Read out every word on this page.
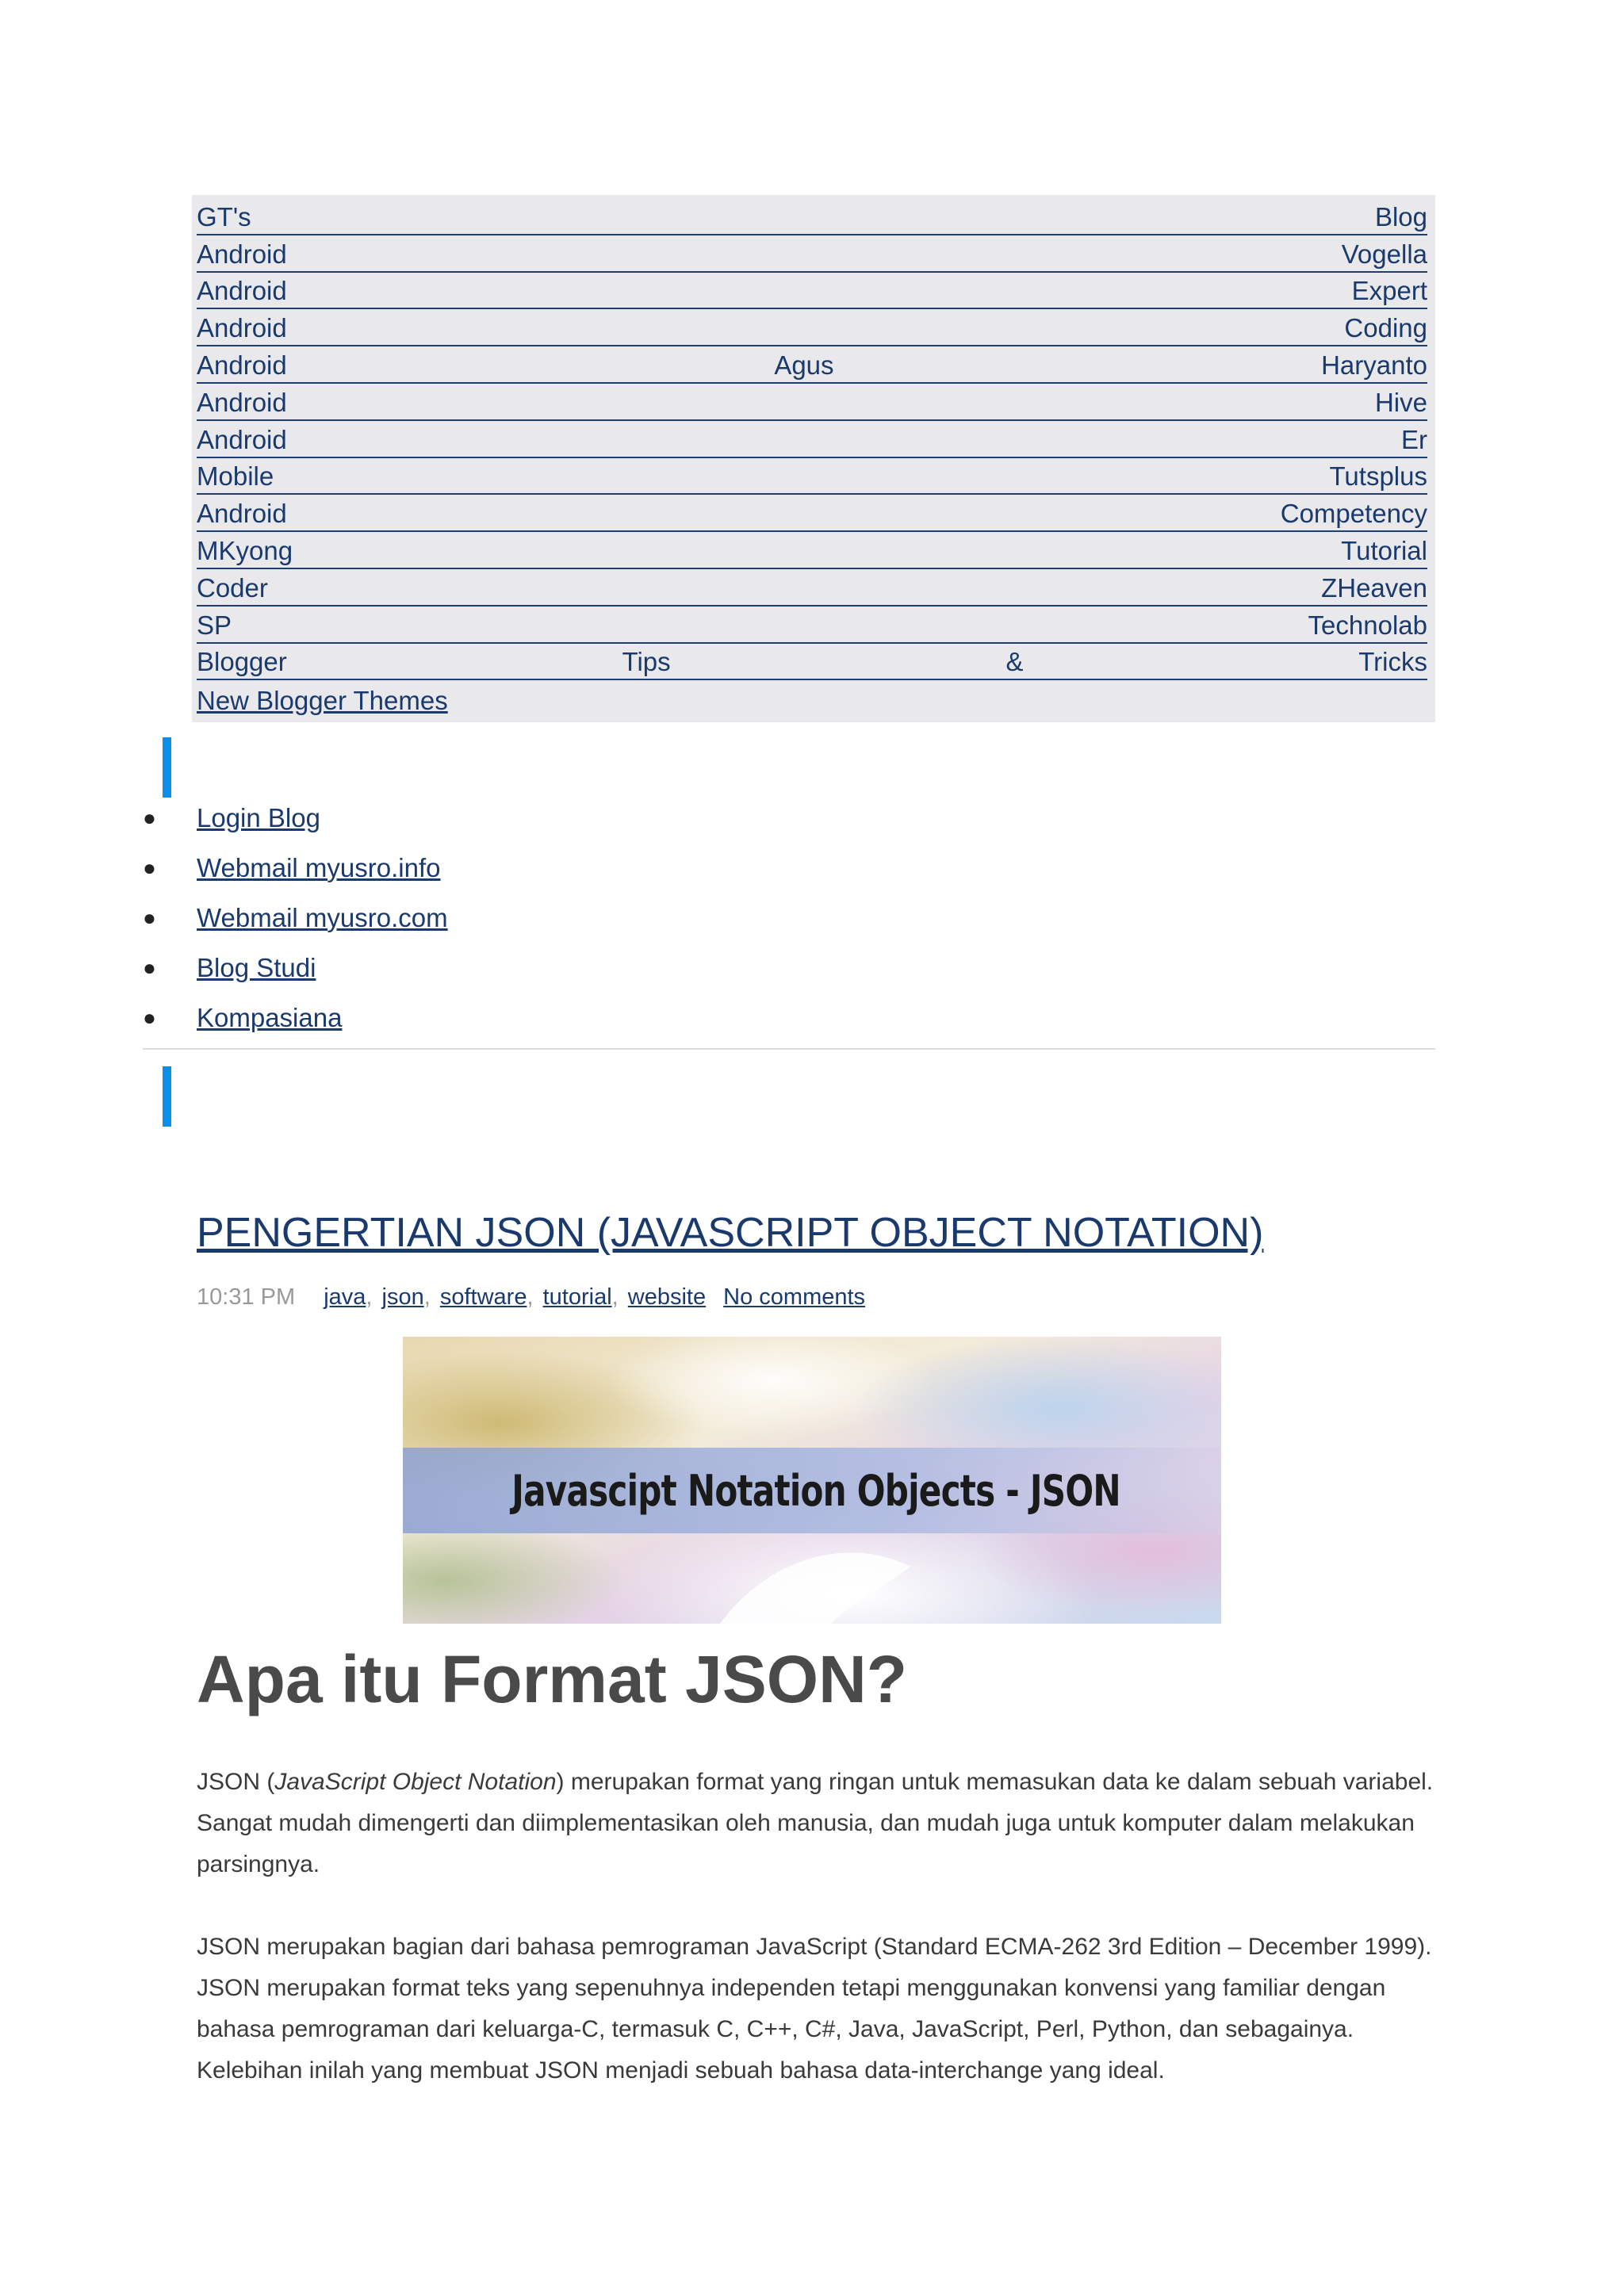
GT's	Blog
Android	Vogella
Android	Expert
Android	Coding
Android	Agus	Haryanto
Android	Hive
Android	Er
Mobile	Tutsplus
Android	Competency
MKyong	Tutorial
Coder	ZHeaven
SP	Technolab
Blogger	Tips	&	Tricks
New Blogger Themes
●	Login Blog
●	Webmail myusro.info
●	Webmail myusro.com
●	Blog Studi
●	Kompasiana
PENGERTIAN JSON (JAVASCRIPT OBJECT NOTATION)
10:31 PM java, json, software, tutorial, website No comments
Javascipt Notation Objects - JSON
Apa itu Format JSON?

JSON (JavaScript Object Notation) merupakan format yang ringan untuk memasukan data ke dalam sebuah variabel. Sangat mudah dimengerti dan diimplementasikan oleh manusia, dan mudah juga untuk komputer dalam melakukan parsingnya.

JSON merupakan bagian dari bahasa pemrograman JavaScript (Standard ECMA-262 3rd Edition – December 1999). JSON merupakan format teks yang sepenuhnya independen tetapi menggunakan konvensi yang familiar dengan bahasa pemrograman dari keluarga-C, termasuk C, C++, C#, Java, JavaScript, Perl, Python, dan sebagainya. Kelebihan inilah yang membuat JSON menjadi sebuah bahasa data-interchange yang ideal.
